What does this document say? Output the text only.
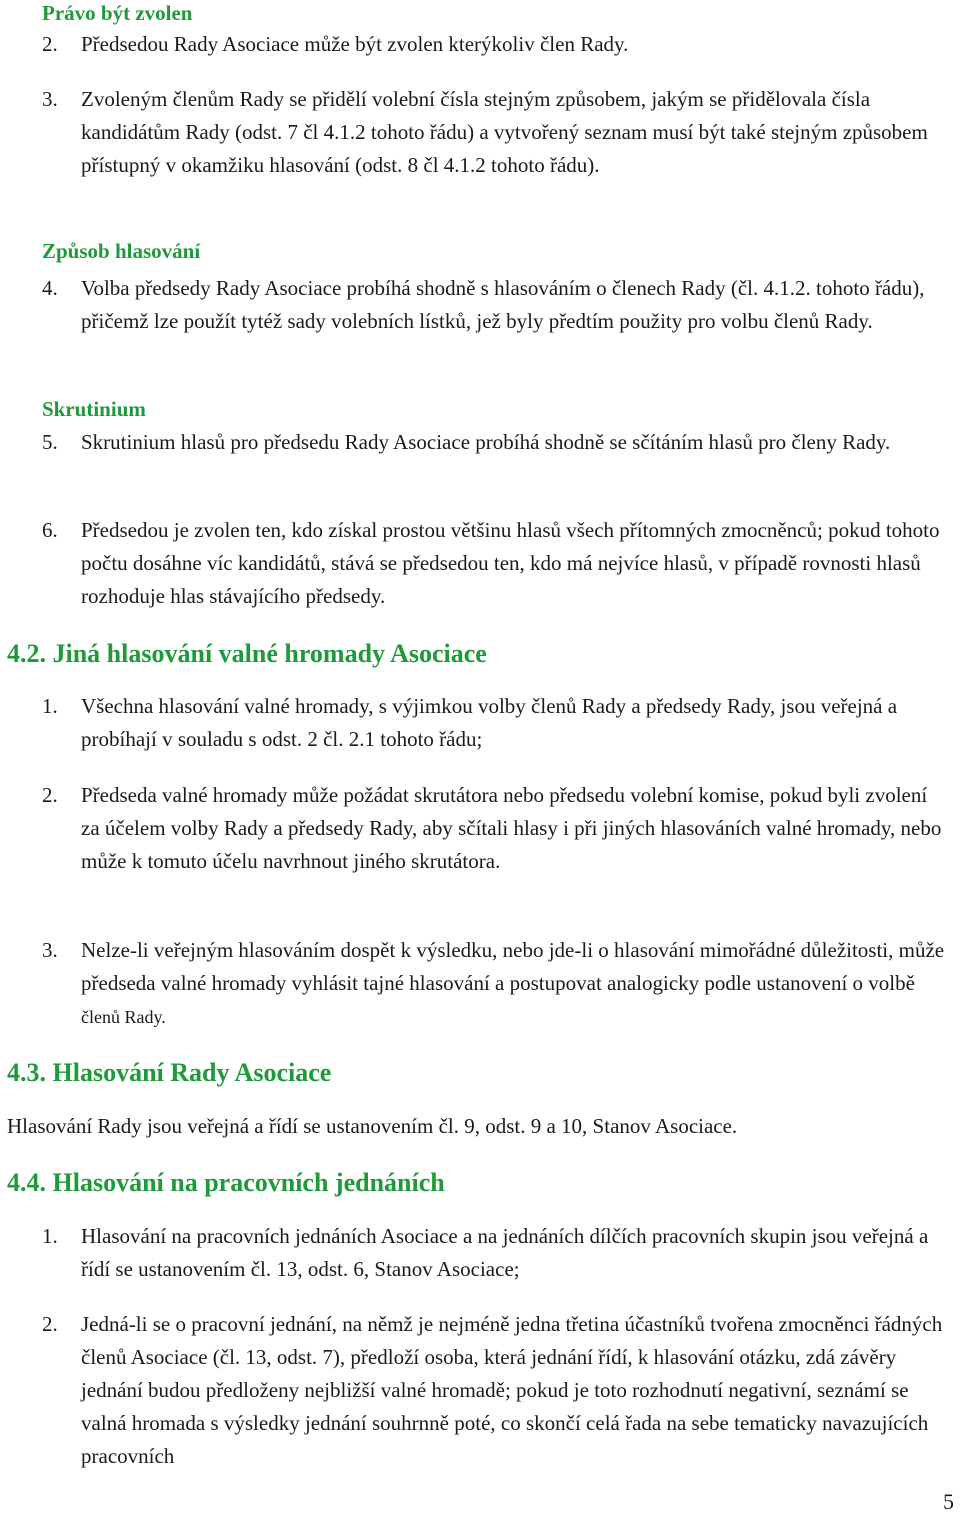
Právo být zvolen
2.	Předsedou Rady Asociace může být zvolen kterýkoliv člen Rady.
3.	Zvoleným členům Rady se přidělí volební čísla stejným způsobem, jakým se přidělovala čísla kandidátům Rady (odst. 7 čl 4.1.2 tohoto řádu) a vytvořený seznam musí být také stejným způsobem přístupný v okamžiku hlasování (odst. 8 čl 4.1.2 tohoto řádu).
Způsob hlasování
4.	Volba předsedy Rady Asociace probíhá shodně s hlasováním o členech Rady (čl. 4.1.2. tohoto řádu), přičemž lze použít tytéž sady volebních lístků, jež byly předtím použity pro volbu členů Rady.
Skrutinium
5.	Skrutinium hlasů pro předsedu Rady Asociace probíhá shodně se sčítáním hlasů pro členy Rady.
6.	Předsedou je zvolen ten, kdo získal prostou většinu hlasů všech přítomných zmocněnců; pokud tohoto počtu dosáhne víc kandidátů, stává se předsedou ten, kdo má nejvíce hlasů, v případě rovnosti hlasů rozhoduje hlas stávajícího předsedy.
4.2. Jiná hlasování valné hromady Asociace
1.	Všechna hlasování valné hromady, s výjimkou volby členů Rady a předsedy Rady, jsou veřejná a probíhají v souladu s odst. 2 čl. 2.1 tohoto řádu;
2.	Předseda valné hromady může požádat skrutátora nebo předsedu volební komise, pokud byli zvolení za účelem volby Rady a předsedy Rady, aby sčítali hlasy i při jiných hlasováních valné hromady, nebo může k tomuto účelu navrhnout jiného skrutátora.
3.	Nelze-li veřejným hlasováním dospět k výsledku, nebo jde-li o hlasování mimořádné důležitosti, může předseda valné hromady vyhlásit tajné hlasování a postupovat analogicky podle ustanovení o volbě členů Rady.
4.3. Hlasování Rady Asociace
Hlasování Rady jsou veřejná a řídí se ustanovením čl. 9, odst. 9 a 10, Stanov Asociace.
4.4. Hlasování na pracovních jednáních
1.	Hlasování na pracovních jednáních Asociace a na jednáních dílčích pracovních skupin jsou veřejná a řídí se ustanovením čl. 13, odst. 6, Stanov Asociace;
2.	Jedná-li se o pracovní jednání, na němž je nejméně jedna třetina účastníků tvořena zmocněnci řádných členů Asociace (čl. 13, odst. 7), předloží osoba, která jednání řídí, k hlasování otázku, zdá závěry jednání budou předloženy nejbližší valné hromadě; pokud je toto rozhodnutí negativní, seznámí se valná hromada s výsledky jednání souhrnně poté, co skončí celá řada na sebe tematicky navazujících pracovních
5
